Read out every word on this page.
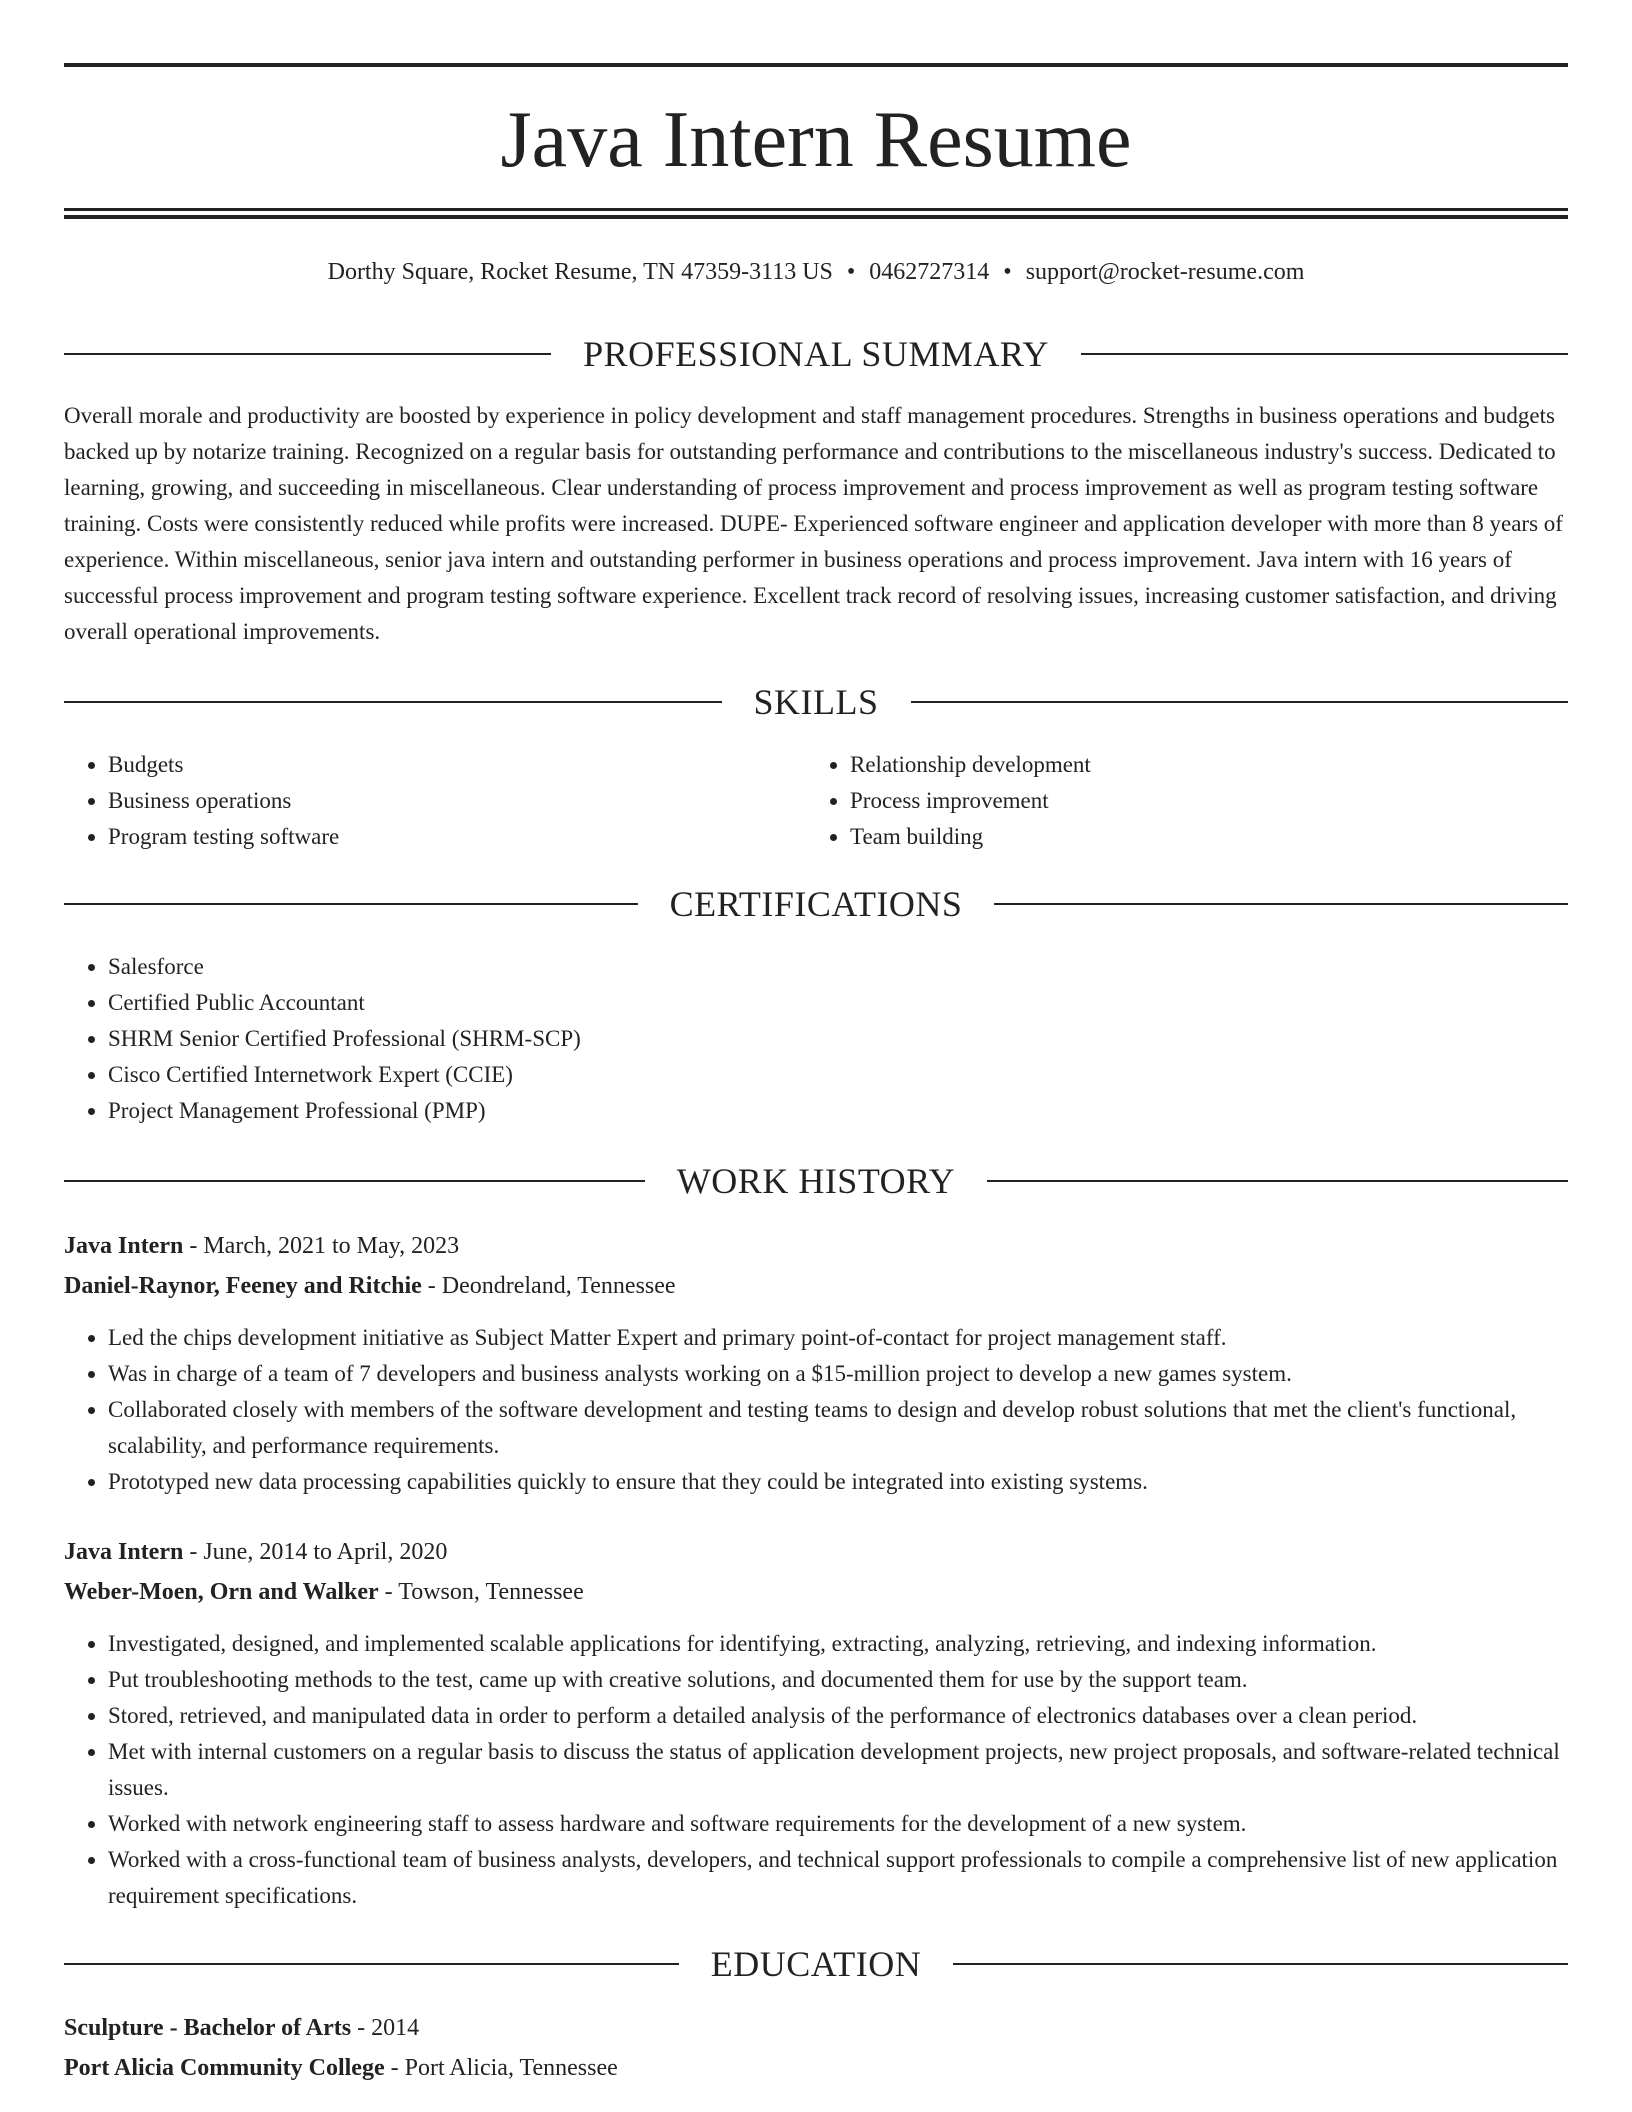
Java Intern Resume
Dorthy Square, Rocket Resume, TN 47359-3113 US • 0462727314 • support@rocket-resume.com
PROFESSIONAL SUMMARY

Overall morale and productivity are boosted by experience in policy development and staff management procedures. Strengths in business operations and budgets backed up by notarize training. Recognized on a regular basis for outstanding performance and contributions to the miscellaneous industry's success. Dedicated to learning, growing, and succeeding in miscellaneous. Clear understanding of process improvement and process improvement as well as program testing software training. Costs were consistently reduced while profits were increased. DUPE- Experienced software engineer and application developer with more than 8 years of experience. Within miscellaneous, senior java intern and outstanding performer in business operations and process improvement. Java intern with 16 years of successful process improvement and program testing software experience. Excellent track record of resolving issues, increasing customer satisfaction, and driving overall operational improvements.

SKILLS
• Budgets
• Business operations
• Program testing software
• Relationship development
• Process improvement
• Team building
CERTIFICATIONS
• Salesforce
• Certified Public Accountant
• SHRM Senior Certified Professional (SHRM-SCP)
• Cisco Certified Internetwork Expert (CCIE)
• Project Management Professional (PMP)
WORK HISTORY
Java Intern - March, 2021 to May, 2023
Daniel-Raynor, Feeney and Ritchie - Deondreland, Tennessee
• Led the chips development initiative as Subject Matter Expert and primary point-of-contact for project management staff.
• Was in charge of a team of 7 developers and business analysts working on a $15-million project to develop a new games system.
• Collaborated closely with members of the software development and testing teams to design and develop robust solutions that met the client's functional, scalability, and performance requirements.
• Prototyped new data processing capabilities quickly to ensure that they could be integrated into existing systems.
Java Intern - June, 2014 to April, 2020
Weber-Moen, Orn and Walker - Towson, Tennessee
• Investigated, designed, and implemented scalable applications for identifying, extracting, analyzing, retrieving, and indexing information.
• Put troubleshooting methods to the test, came up with creative solutions, and documented them for use by the support team.
• Stored, retrieved, and manipulated data in order to perform a detailed analysis of the performance of electronics databases over a clean period.
• Met with internal customers on a regular basis to discuss the status of application development projects, new project proposals, and software-related technical issues.
• Worked with network engineering staff to assess hardware and software requirements for the development of a new system.
• Worked with a cross-functional team of business analysts, developers, and technical support professionals to compile a comprehensive list of new application requirement specifications.
EDUCATION
Sculpture - Bachelor of Arts - 2014
Port Alicia Community College - Port Alicia, Tennessee
